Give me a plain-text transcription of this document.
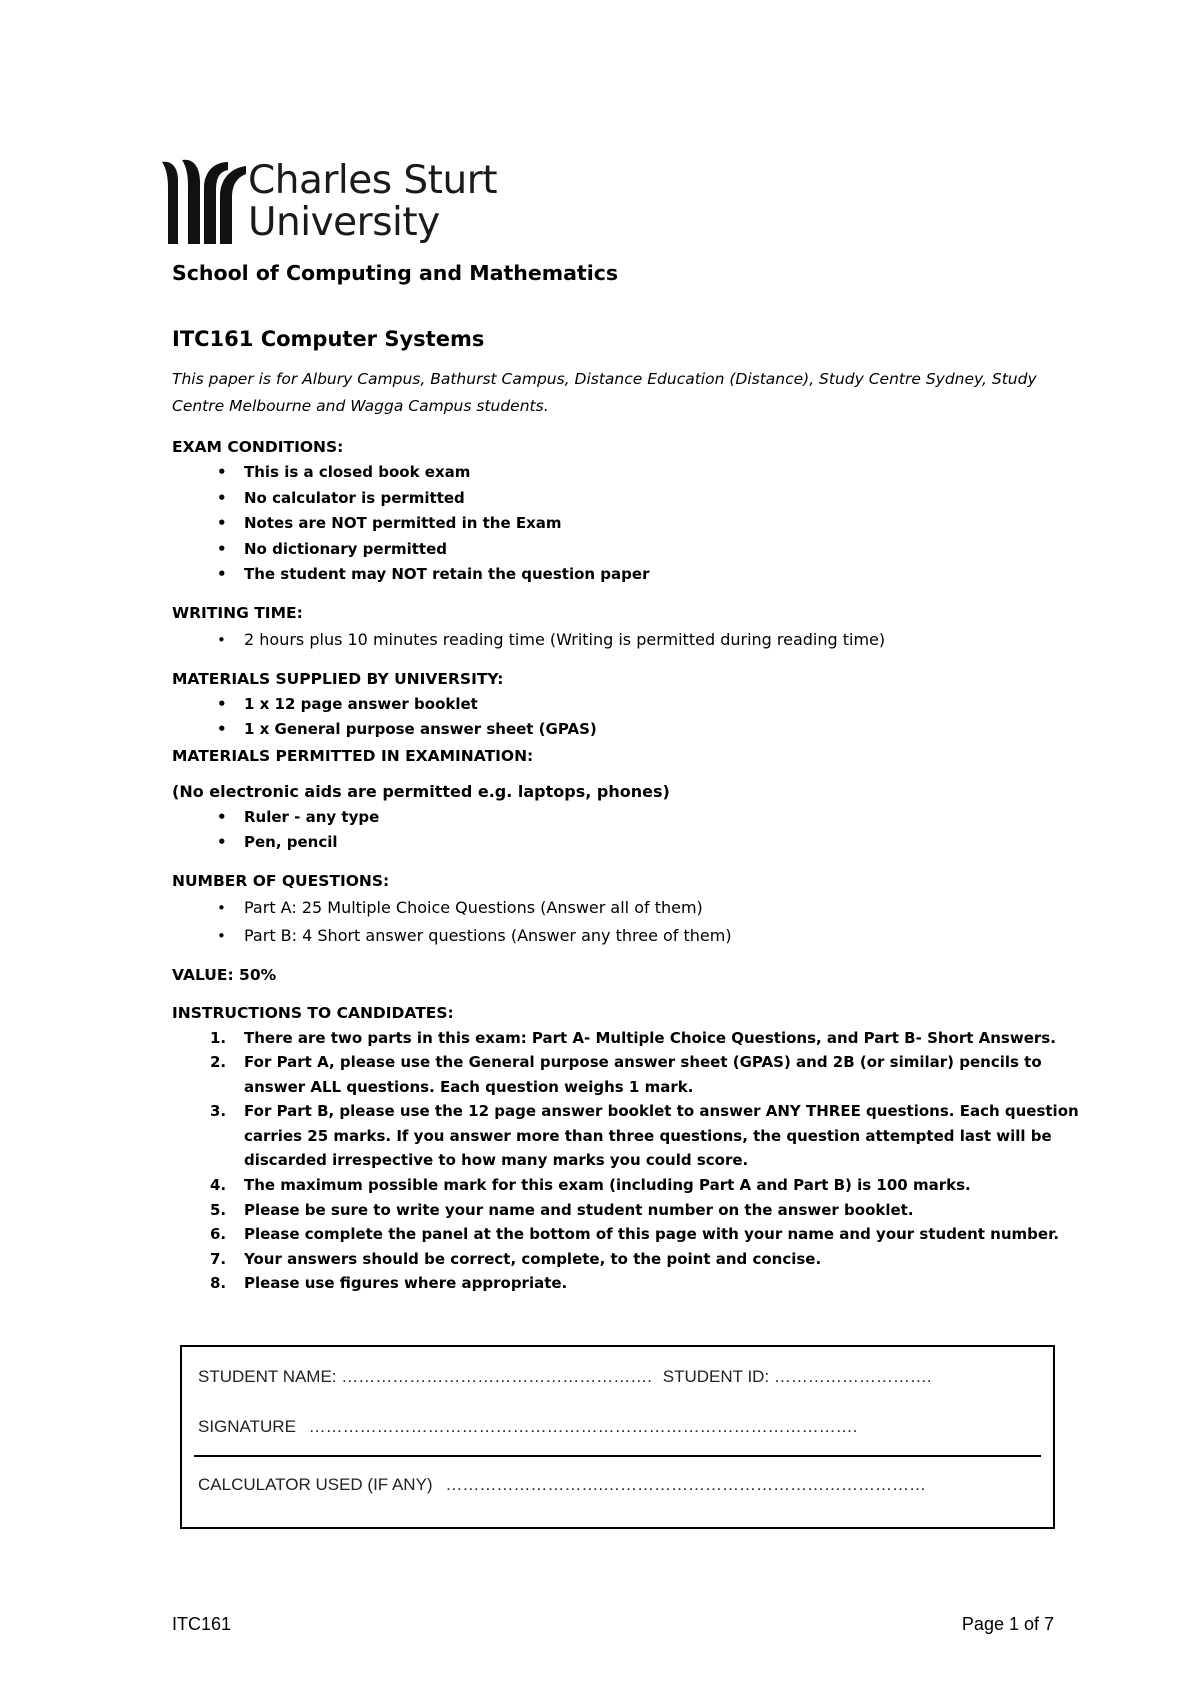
Charles Sturt
University

School of Computing and Mathematics

ITC161 Computer Systems

This paper is for Albury Campus, Bathurst Campus, Distance Education (Distance), Study Centre Sydney, Study Centre Melbourne and Wagga Campus students.

EXAM CONDITIONS:

• This is a closed book exam
• No calculator is permitted
• Notes are NOT permitted in the Exam
• No dictionary permitted
• The student may NOT retain the question paper

WRITING TIME:

• 2 hours plus 10 minutes reading time (Writing is permitted during reading time)

MATERIALS SUPPLIED BY UNIVERSITY:

• 1 x 12 page answer booklet
• 1 x General purpose answer sheet (GPAS)

MATERIALS PERMITTED IN EXAMINATION:

(No electronic aids are permitted e.g. laptops, phones)

• Ruler - any type
• Pen, pencil

NUMBER OF QUESTIONS:

• Part A: 25 Multiple Choice Questions (Answer all of them)
• Part B: 4 Short answer questions (Answer any three of them)

VALUE: 50%

INSTRUCTIONS TO CANDIDATES:

1. There are two parts in this exam: Part A- Multiple Choice Questions, and Part B- Short Answers.
2. For Part A, please use the General purpose answer sheet (GPAS) and 2B (or similar) pencils to answer ALL questions. Each question weighs 1 mark.
3. For Part B, please use the 12 page answer booklet to answer ANY THREE questions. Each question carries 25 marks. If you answer more than three questions, the question attempted last will be discarded irrespective to how many marks you could score.
4. The maximum possible mark for this exam (including Part A and Part B) is 100 marks.
5. Please be sure to write your name and student number on the answer booklet.
6. Please complete the panel at the bottom of this page with your name and your student number.
7. Your answers should be correct, complete, to the point and concise.
8. Please use figures where appropriate.
STUDENT NAME: ………………………………………………. STUDENT ID: ……………………….
SIGNATURE …………………………………………………………………………………….
CALCULATOR USED (IF ANY) ……………………….…………………………………………………
ITC161	Page 1 of 7
